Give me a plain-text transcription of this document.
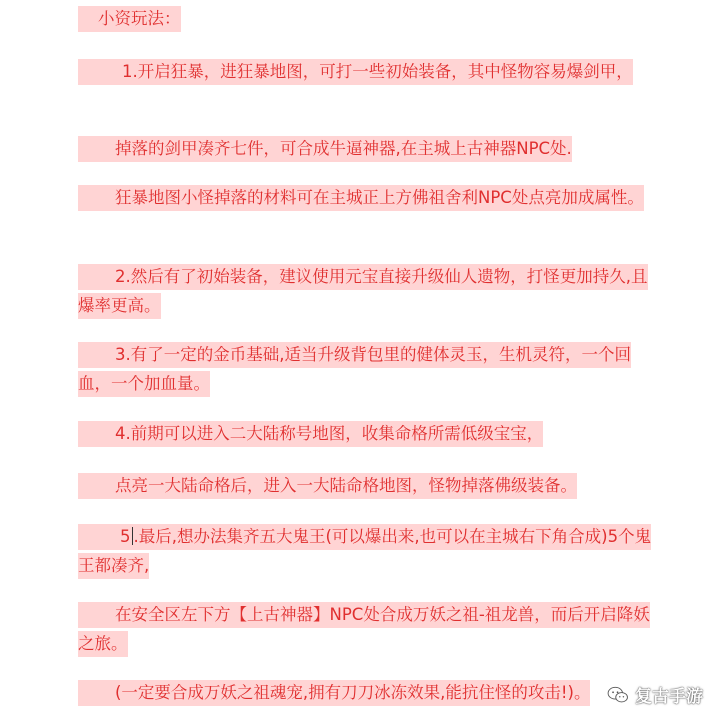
小资玩法：

1.开启狂暴，进狂暴地图，可打一些初始装备，其中怪物容易爆剑甲，

掉落的剑甲凑齐七件，可合成牛逼神器,在主城上古神器NPC处.

狂暴地图小怪掉落的材料可在主城正上方佛祖舍利NPC处点亮加成属性。

2.然后有了初始装备，建议使用元宝直接升级仙人遗物，打怪更加持久,且爆率更高。

3.有了一定的金币基础,适当升级背包里的健体灵玉，生机灵符，一个回血，一个加血量。

4.前期可以进入二大陆称号地图，收集命格所需低级宝宝，

点亮一大陆命格后，进入一大陆命格地图，怪物掉落佛级装备。

5 .最后,想办法集齐五大鬼王(可以爆出来,也可以在主城右下角合成)5个鬼王都凑齐,

在安全区左下方【上古神器】NPC处合成万妖之祖-祖龙兽，而后开启降妖之旅。

(一定要合成万妖之祖魂宠,拥有刀刀冰冻效果,能抗住怪的攻击!)。	复古手游
